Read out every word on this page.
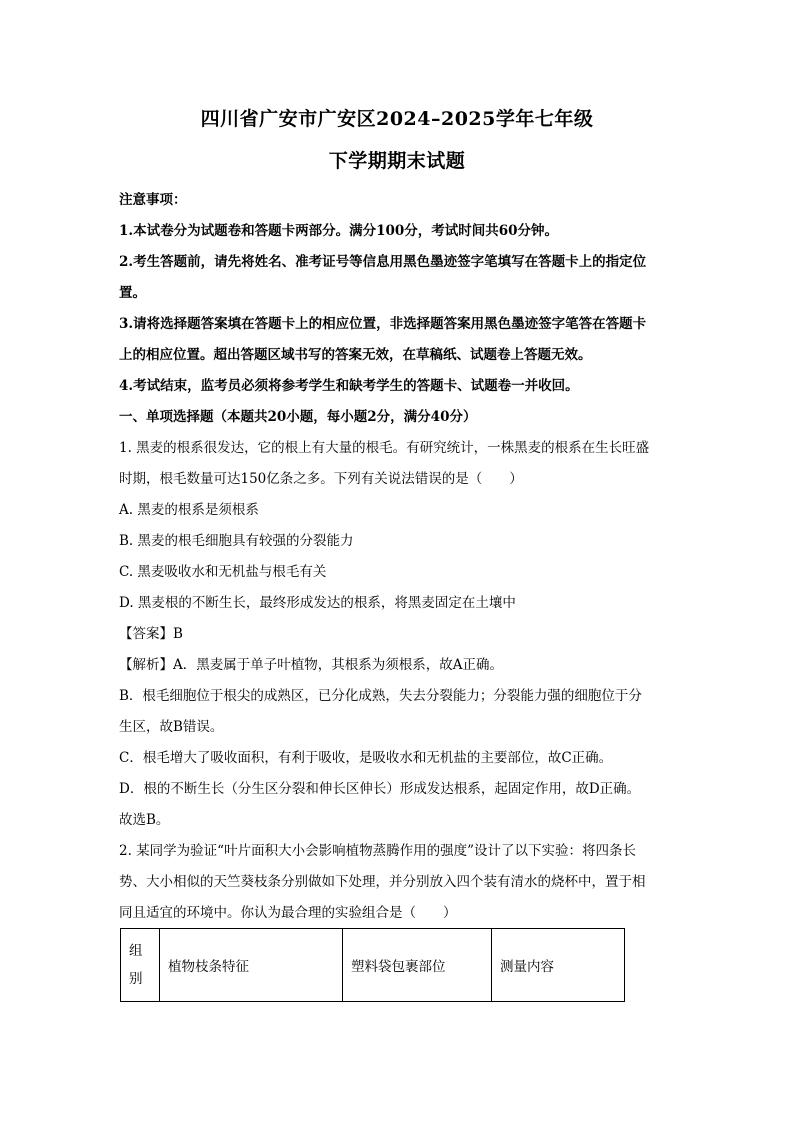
四川省广安市广安区2024–2025学年七年级
下学期期末试题
注意事项：
1.本试卷分为试题卷和答题卡两部分。满分100分，考试时间共60分钟。
2.考生答题前，请先将姓名、准考证号等信息用黑色墨迹签字笔填写在答题卡上的指定位
置。
3.请将选择题答案填在答题卡上的相应位置，非选择题答案用黑色墨迹签字笔答在答题卡
上的相应位置。超出答题区域书写的答案无效，在草稿纸、试题卷上答题无效。
4.考试结束，监考员必须将参考学生和缺考学生的答题卡、试题卷一并收回。
一、单项选择题（本题共20小题，每小题2分，满分40分）
1. 黑麦的根系很发达，它的根上有大量的根毛。有研究统计，一株黑麦的根系在生长旺盛
时期，根毛数量可达150亿条之多。下列有关说法错误的是（　　）
A. 黑麦的根系是须根系
B. 黑麦的根毛细胞具有较强的分裂能力
C. 黑麦吸收水和无机盐与根毛有关
D. 黑麦根的不断生长，最终形成发达的根系，将黑麦固定在土壤中
【答案】B
【解析】A．黑麦属于单子叶植物，其根系为须根系，故A正确。
B．根毛细胞位于根尖的成熟区，已分化成熟，失去分裂能力；分裂能力强的细胞位于分
生区，故B错误。
C．根毛增大了吸收面积，有利于吸收，是吸收水和无机盐的主要部位，故C正确。
D．根的不断生长（分生区分裂和伸长区伸长）形成发达根系，起固定作用，故D正确。
故选B。
2. 某同学为验证“叶片面积大小会影响植物蒸腾作用的强度”设计了以下实验：将四条长
势、大小相似的天竺葵枝条分别做如下处理，并分别放入四个装有清水的烧杯中，置于相
同且适宜的环境中。你认为最合理的实验组合是（　　）
组
别
	植物枝条特征	塑料袋包裹部位	测量内容
